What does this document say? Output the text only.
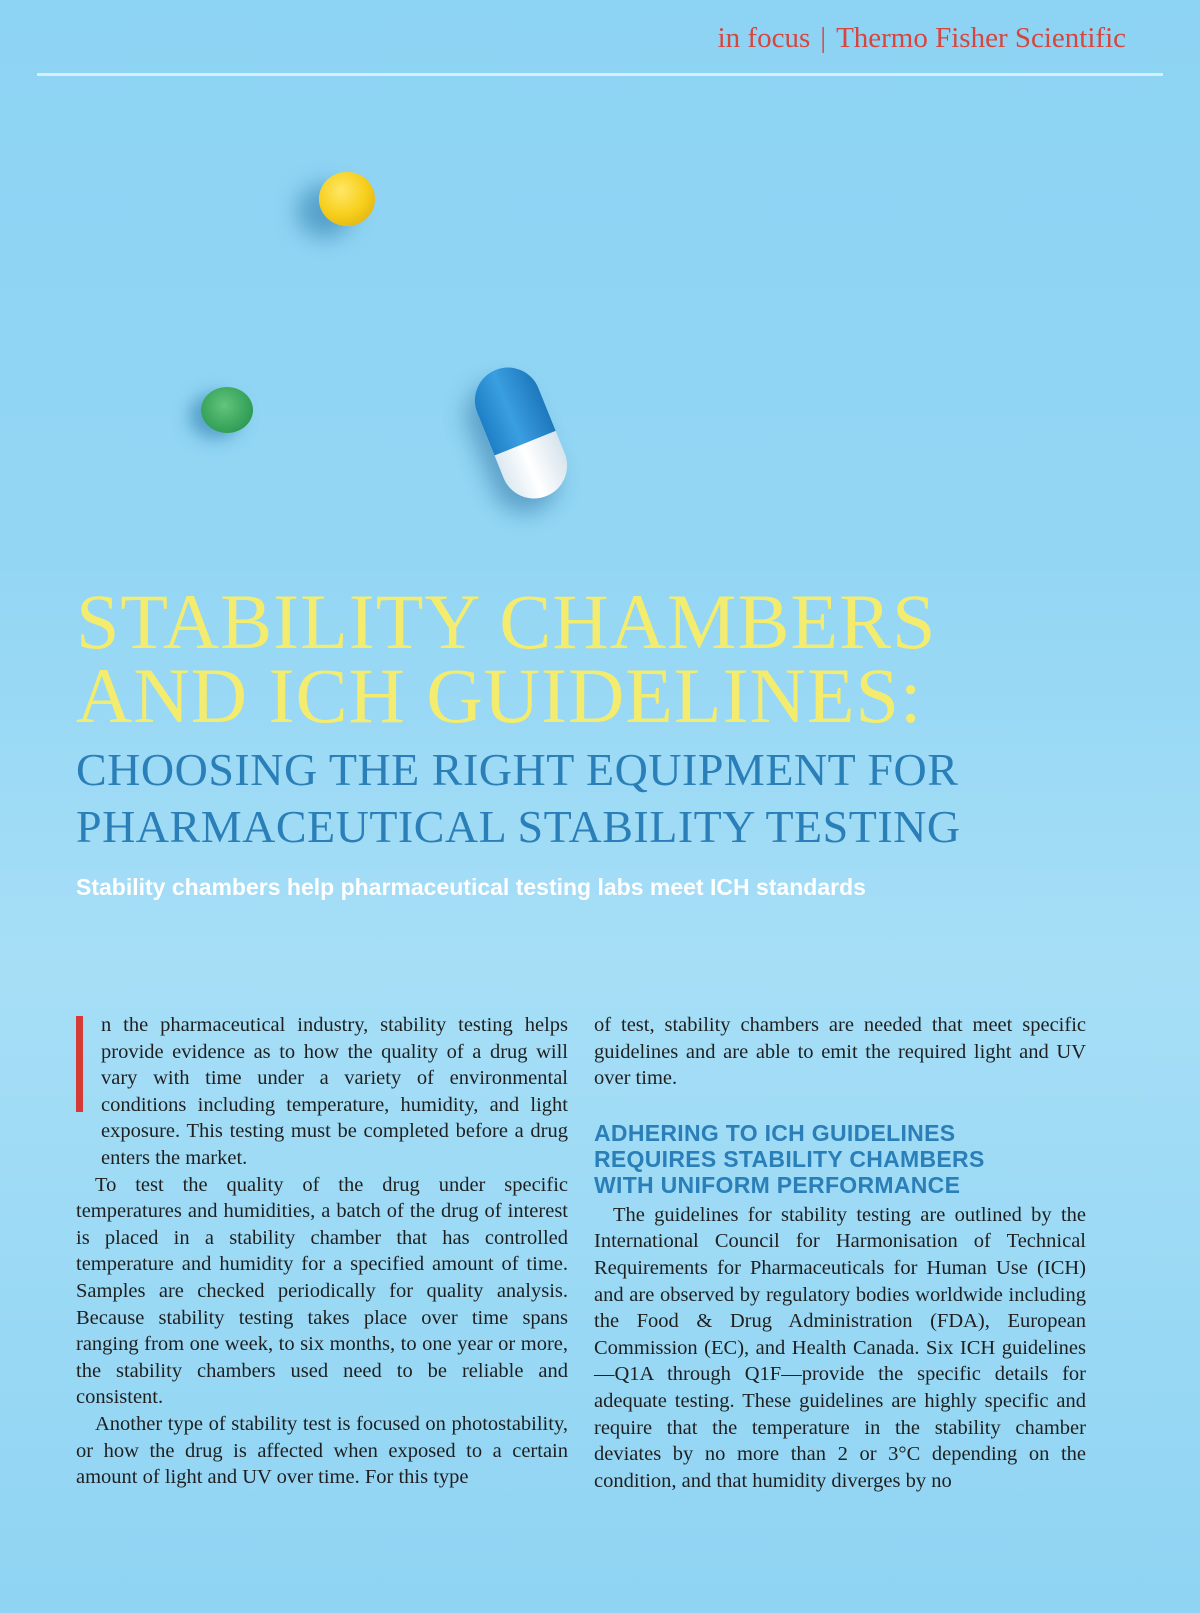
in focus | Thermo Fisher Scientific
STABILITY CHAMBERS
AND ICH GUIDELINES:
CHOOSING THE RIGHT EQUIPMENT FOR
PHARMACEUTICAL STABILITY TESTING

Stability chambers help pharmaceutical testing labs meet ICH standards

n the pharmaceutical industry, stability testing helps provide evidence as to how the quality of a drug will vary with time under a variety of environmental conditions including temperature, humidity, and light exposure. This testing must be completed before a drug enters the market.

To test the quality of the drug under specific temperatures and humidities, a batch of the drug of interest is placed in a stability chamber that has controlled temperature and humidity for a specified amount of time. Samples are checked periodically for quality analysis. Because stability testing takes place over time spans ranging from one week, to six months, to one year or more, the stability chambers used need to be reliable and consistent.

Another type of stability test is focused on photostability, or how the drug is affected when exposed to a certain amount of light and UV over time. For this type

of test, stability chambers are needed that meet specific guidelines and are able to emit the required light and UV over time.

ADHERING TO ICH GUIDELINES
REQUIRES STABILITY CHAMBERS
WITH UNIFORM PERFORMANCE

The guidelines for stability testing are outlined by the International Council for Harmonisation of Technical Requirements for Pharmaceuticals for Human Use (ICH) and are observed by regulatory bodies worldwide including the Food & Drug Administration (FDA), European Commission (EC), and Health Canada. Six ICH guidelines—Q1A through Q1F—provide the specific details for adequate testing. These guidelines are highly specific and require that the temperature in the stability chamber deviates by no more than 2 or 3°C depending on the condition, and that humidity diverges by no
